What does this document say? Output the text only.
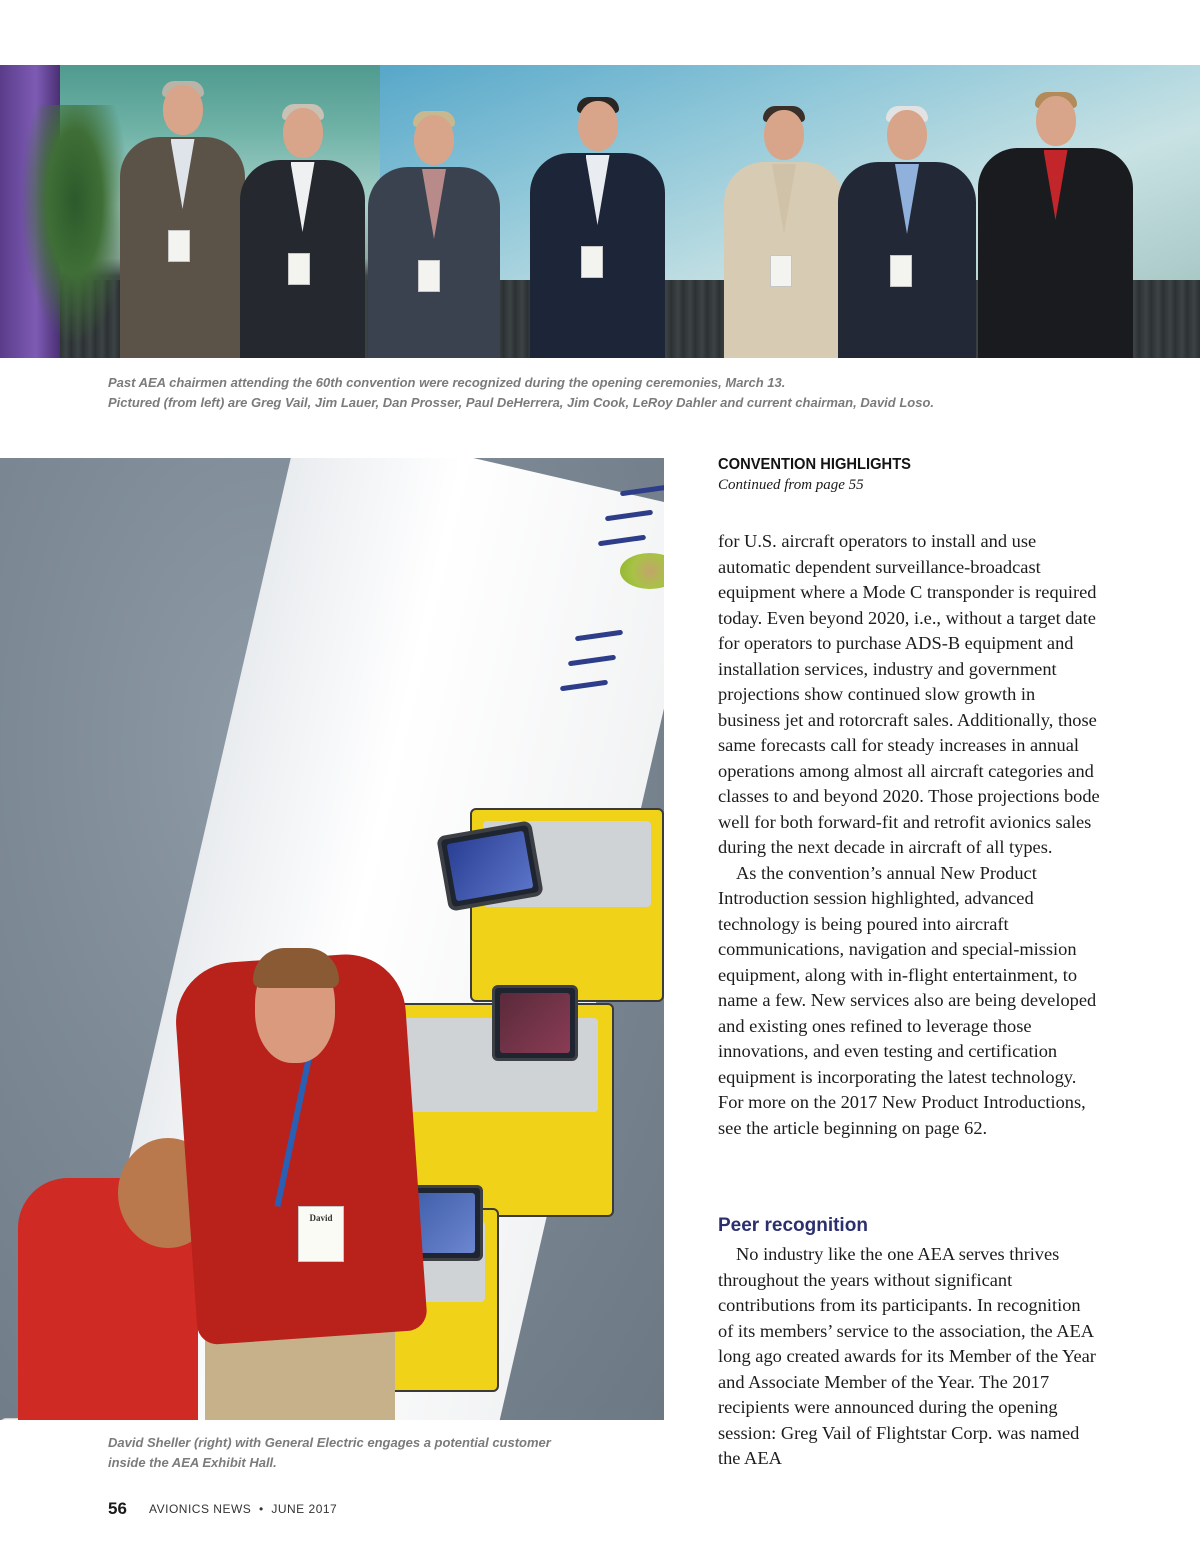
Past AEA chairmen attending the 60th convention were recognized during the opening ceremonies, March 13.
Pictured (from left) are Greg Vail, Jim Lauer, Dan Prosser, Paul DeHerrera, Jim Cook, LeRoy Dahler and current chairman, David Loso.
David
David Sheller (right) with General Electric engages a potential customer
inside the AEA Exhibit Hall.
CONVENTION HIGHLIGHTS
Continued from page 55

for U.S. aircraft operators to install and use automatic dependent surveillance-broadcast equipment where a Mode C transponder is required today. Even beyond 2020, i.e., without a target date for operators to purchase ADS-B equipment and installation services, industry and government projections show continued slow growth in business jet and rotorcraft sales. Additionally, those same forecasts call for steady increases in annual operations among almost all aircraft categories and classes to and beyond 2020. Those projections bode well for both forward-fit and retrofit avionics sales during the next decade in aircraft of all types.

As the convention’s annual New Product Introduction session highlighted, advanced technology is being poured into aircraft communications, navigation and special-mission equipment, along with in-flight entertainment, to name a few. New services also are being developed and existing ones refined to leverage those innovations, and even testing and certification equipment is incorporating the latest technology. For more on the 2017 New Product Introductions, see the article beginning on page 62.

Peer recognition

No industry like the one AEA serves thrives throughout the years without significant contributions from its participants. In recognition of its members’ service to the association, the AEA long ago created awards for its Member of the Year and Associate Member of the Year. The 2017 recipients were announced during the opening session: Greg Vail of Flightstar Corp. was named the AEA

56 AVIONICS NEWS • JUNE 2017
